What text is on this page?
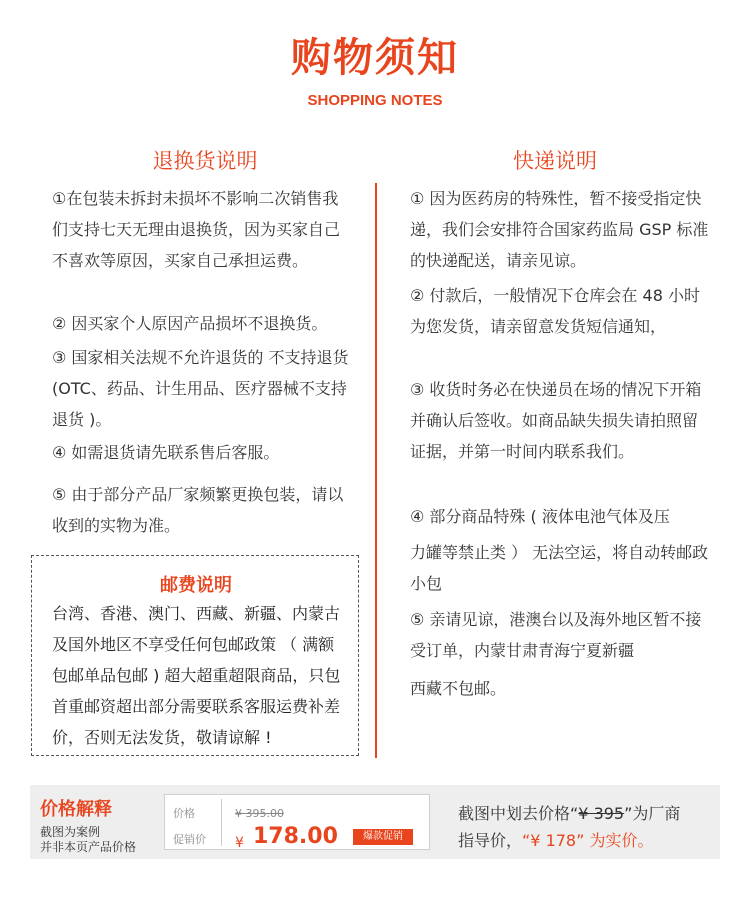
购物须知
SHOPPING NOTES
退换货说明	快递说明

①在包装未拆封未损坏不影响二次销售我们支持七天无理由退换货，因为买家自己不喜欢等原因，买家自己承担运费。

② 因买家个人原因产品损坏不退换货。

③ 国家相关法规不允许退货的 不支持退货 (OTC、药品、计生用品、医疗器械不支持退货 )。

④ 如需退货请先联系售后客服。

⑤ 由于部分产品厂家频繁更换包装，请以收到的实物为准。

邮费说明

台湾、香港、澳门、西藏、新疆、内蒙古及国外地区不享受任何包邮政策 （ 满额包邮单品包邮 ) 超大超重超限商品，只包首重邮资超出部分需要联系客服运费补差价，否则无法发货，敬请谅解 !

① 因为医药房的特殊性，暂不接受指定快递，我们会安排符合国家药监局 GSP 标准的快递配送，请亲见谅。

② 付款后，一般情况下仓库会在 48 小时为您发货，请亲留意发货短信通知，

③ 收货时务必在快递员在场的情况下开箱并确认后签收。如商品缺失损失请拍照留证据，并第一时间内联系我们。

④ 部分商品特殊 ( 液体电池气体及压

力罐等禁止类 ） 无法空运，将自动转邮政小包

⑤ 亲请见谅，港澳台以及海外地区暂不接受订单，内蒙甘肃青海宁夏新疆

西藏不包邮。

价格解释
截图为案例
并非本页产品价格
价格
促销价
¥ 395.00
¥ 178.00	爆款促销
截图中划去价格“¥ 395”为厂商
指导价，“¥ 178” 为实价。
